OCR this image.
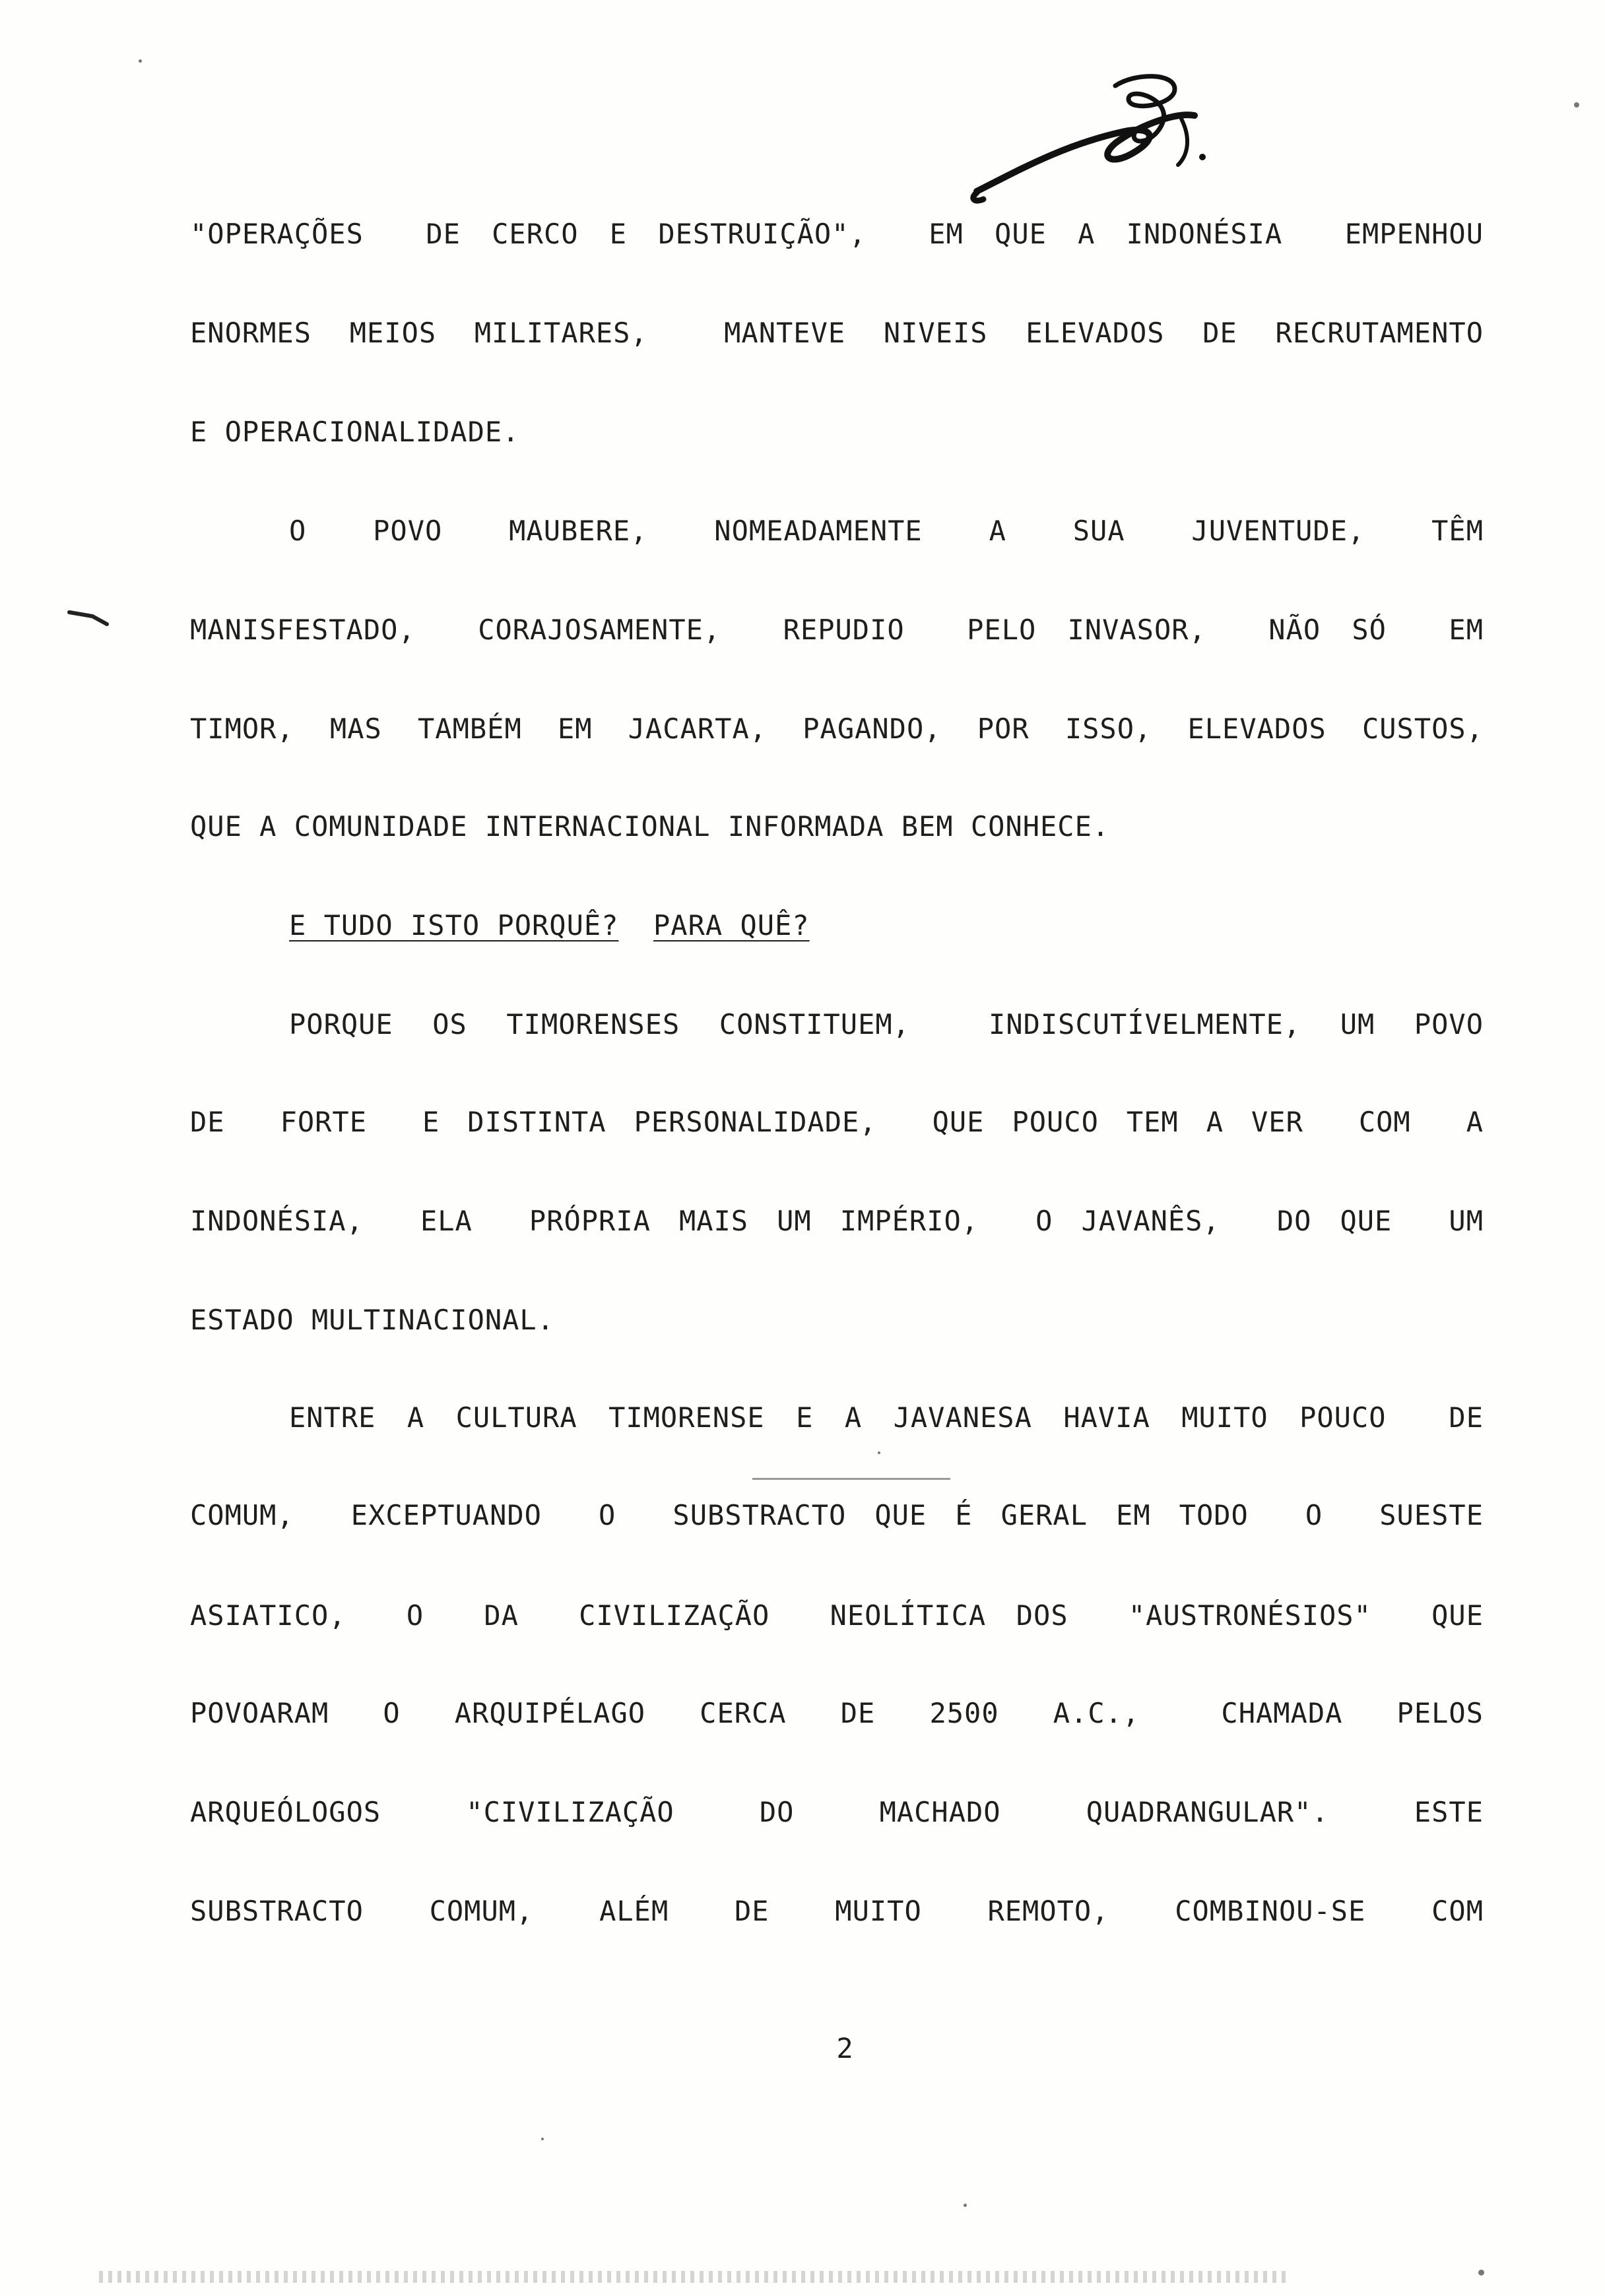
"OPERAÇÕES  DE CERCO E DESTRUIÇÃO",  EM QUE A INDONÉSIA  EMPENHOU
ENORMES MEIOS MILITARES,  MANTEVE NIVEIS ELEVADOS DE RECRUTAMENTO
E OPERACIONALIDADE.
O  POVO  MAUBERE,  NOMEADAMENTE  A  SUA  JUVENTUDE,  TÊM
MANISFESTADO,  CORAJOSAMENTE,  REPUDIO  PELO INVASOR,  NÃO SÓ  EM
TIMOR, MAS TAMBÉM EM JACARTA, PAGANDO, POR ISSO, ELEVADOS CUSTOS,
QUE A COMUNIDADE INTERNACIONAL INFORMADA BEM CONHECE.
E TUDO ISTO PORQUÊ? PARA QUÊ?
PORQUE OS TIMORENSES CONSTITUEM,  INDISCUTÍVELMENTE, UM POVO
DE  FORTE  E DISTINTA PERSONALIDADE,  QUE POUCO TEM A VER  COM  A
INDONÉSIA,  ELA  PRÓPRIA MAIS UM IMPÉRIO,  O JAVANÊS,  DO QUE  UM
ESTADO MULTINACIONAL.
ENTRE A CULTURA TIMORENSE E A JAVANESA HAVIA MUITO POUCO  DE
COMUM,  EXCEPTUANDO  O  SUBSTRACTO QUE É GERAL EM TODO  O  SUESTE
ASIATICO,  O  DA  CIVILIZAÇÃO  NEOLÍTICA DOS  "AUSTRONÉSIOS"  QUE
POVOARAM  O  ARQUIPÉLAGO  CERCA  DE  2500  A.C.,   CHAMADA  PELOS
ARQUEÓLOGOS  "CIVILIZAÇÃO  DO  MACHADO  QUADRANGULAR".  ESTE
SUBSTRACTO  COMUM,  ALÉM  DE  MUITO  REMOTO,  COMBINOU-SE  COM
2
